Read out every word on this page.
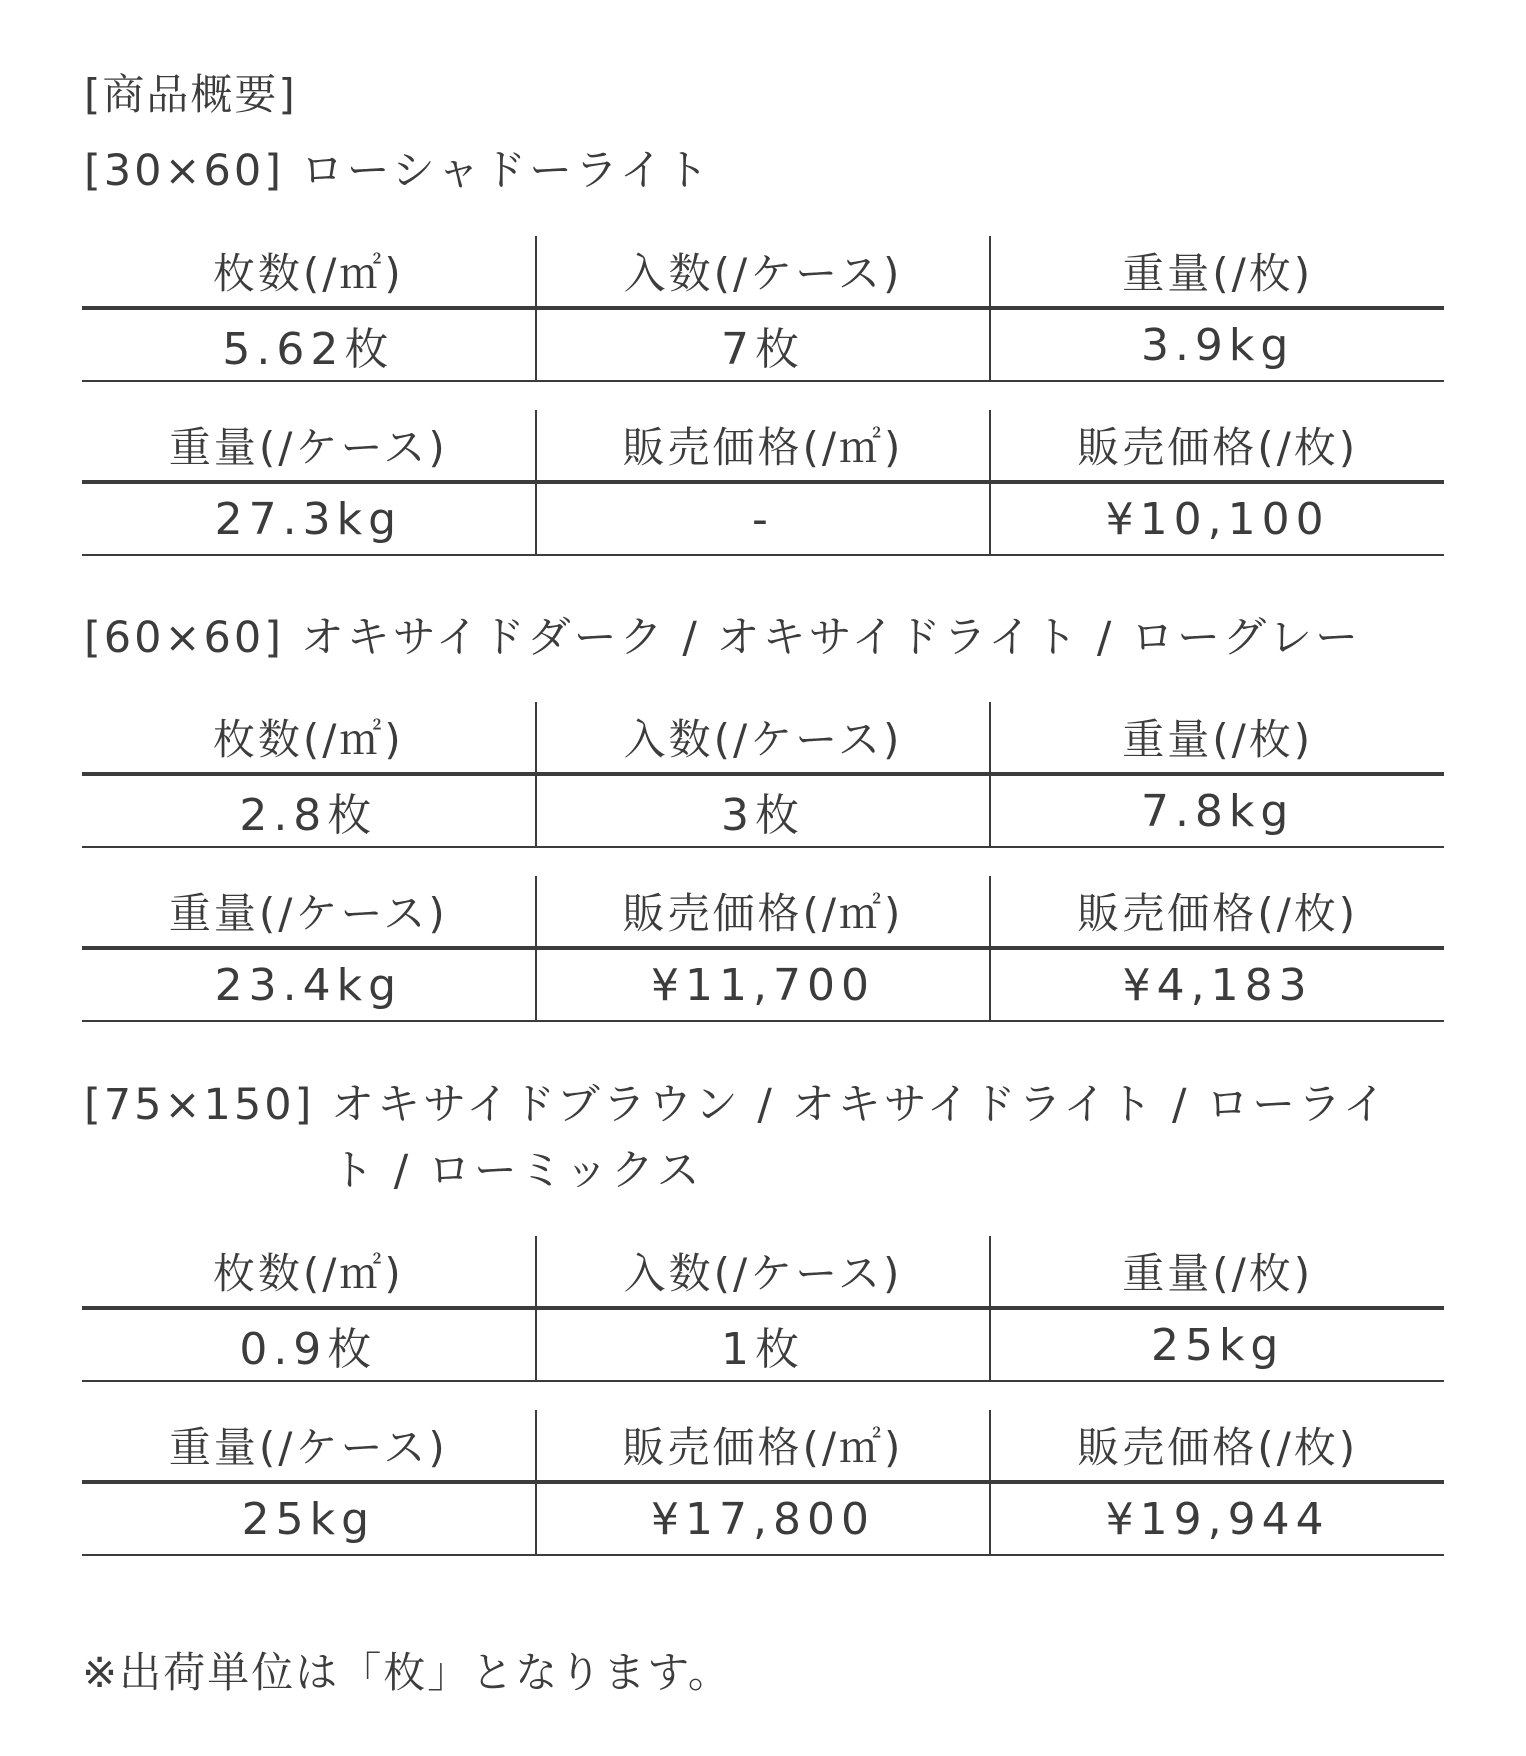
[商品概要]
[30×60] ローシャドーライト
枚数(/㎡)	入数(/ケース)	重量(/枚)
5.62枚	7枚	3.9kg

重量(/ケース)	販売価格(/㎡)	販売価格(/枚)
27.3kg	-	¥10,100
[60×60] オキサイドダーク / オキサイドライト / ローグレー
枚数(/㎡)	入数(/ケース)	重量(/枚)
2.8枚	3枚	7.8kg

重量(/ケース)	販売価格(/㎡)	販売価格(/枚)
23.4kg	¥11,700	¥4,183
[75×150] オキサイドブラウン / オキサイドライト / ローライト / ローミックス
枚数(/㎡)	入数(/ケース)	重量(/枚)
0.9枚	1枚	25kg

重量(/ケース)	販売価格(/㎡)	販売価格(/枚)
25kg	¥17,800	¥19,944
※出荷単位は「枚」となります。
